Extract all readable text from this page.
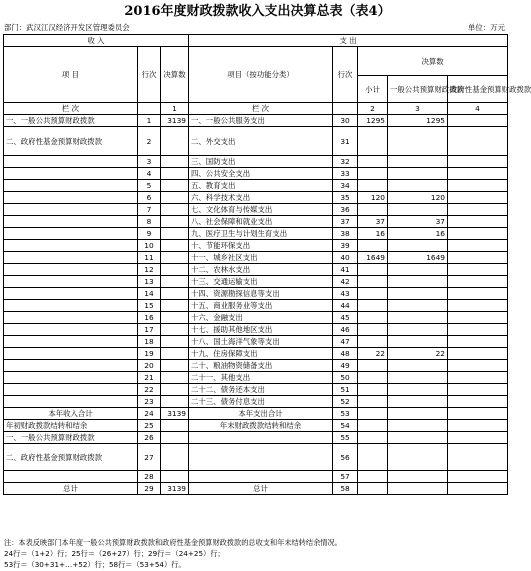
2016年度财政拨款收入支出决算总表（表4）
部门：武汉江汉经济开发区管理委员会	单位：万元
收 入			支 出				
项 目	行次	决算数	项目（按功能分类）	行次	决算数		
					小计	一般公共预算财政拨款	政府性基金预算财政拨款
栏 次		1	栏 次		2	3	4
一、一般公共预算财政拨款	1	3139	一、一般公共服务支出	30	1295	1295	
二、政府性基金预算财政拨款	2		二、外交支出	31			
	3		三、国防支出	32			
	4		四、公共安全支出	33			
	5		五、教育支出	34			
	6		六、科学技术支出	35	120	120	
	7		七、文化体育与传媒支出	36			
	8		八、社会保障和就业支出	37	37	37	
	9		九、医疗卫生与计划生育支出	38	16	16	
	10		十、节能环保支出	39			
	11		十一、城乡社区支出	40	1649	1649	
	12		十二、农林水支出	41			
	13		十三、交通运输支出	42			
	14		十四、资源勘探信息等支出	43			
	15		十五、商业服务业等支出	44			
	16		十六、金融支出	45			
	17		十七、援助其他地区支出	46			
	18		十八、国土海洋气象等支出	47			
	19		十九、住房保障支出	48	22	22	
	20		二十、粮油物资储备支出	49			
	21		二十一、其他支出	50			
	22		二十二、债务还本支出	51			
	23		二十三、债务付息支出	52			
本年收入合计	24	3139	本年支出合计	53			
年初财政拨款结转和结余	25		年末财政拨款结转和结余	54			
一、一般公共预算财政拨款	26			55			
二、政府性基金预算财政拨款	27			56			
	28			57			
总计	29	3139	总计	58			
注：本表反映部门本年度一般公共预算财政拨款和政府性基金预算财政拨款的总收支和年末结转结余情况。
24行＝（1+2）行；25行＝（26+27）行；29行＝（24+25）行；
53行＝（30+31+…+52）行；58行＝（53+54）行。
